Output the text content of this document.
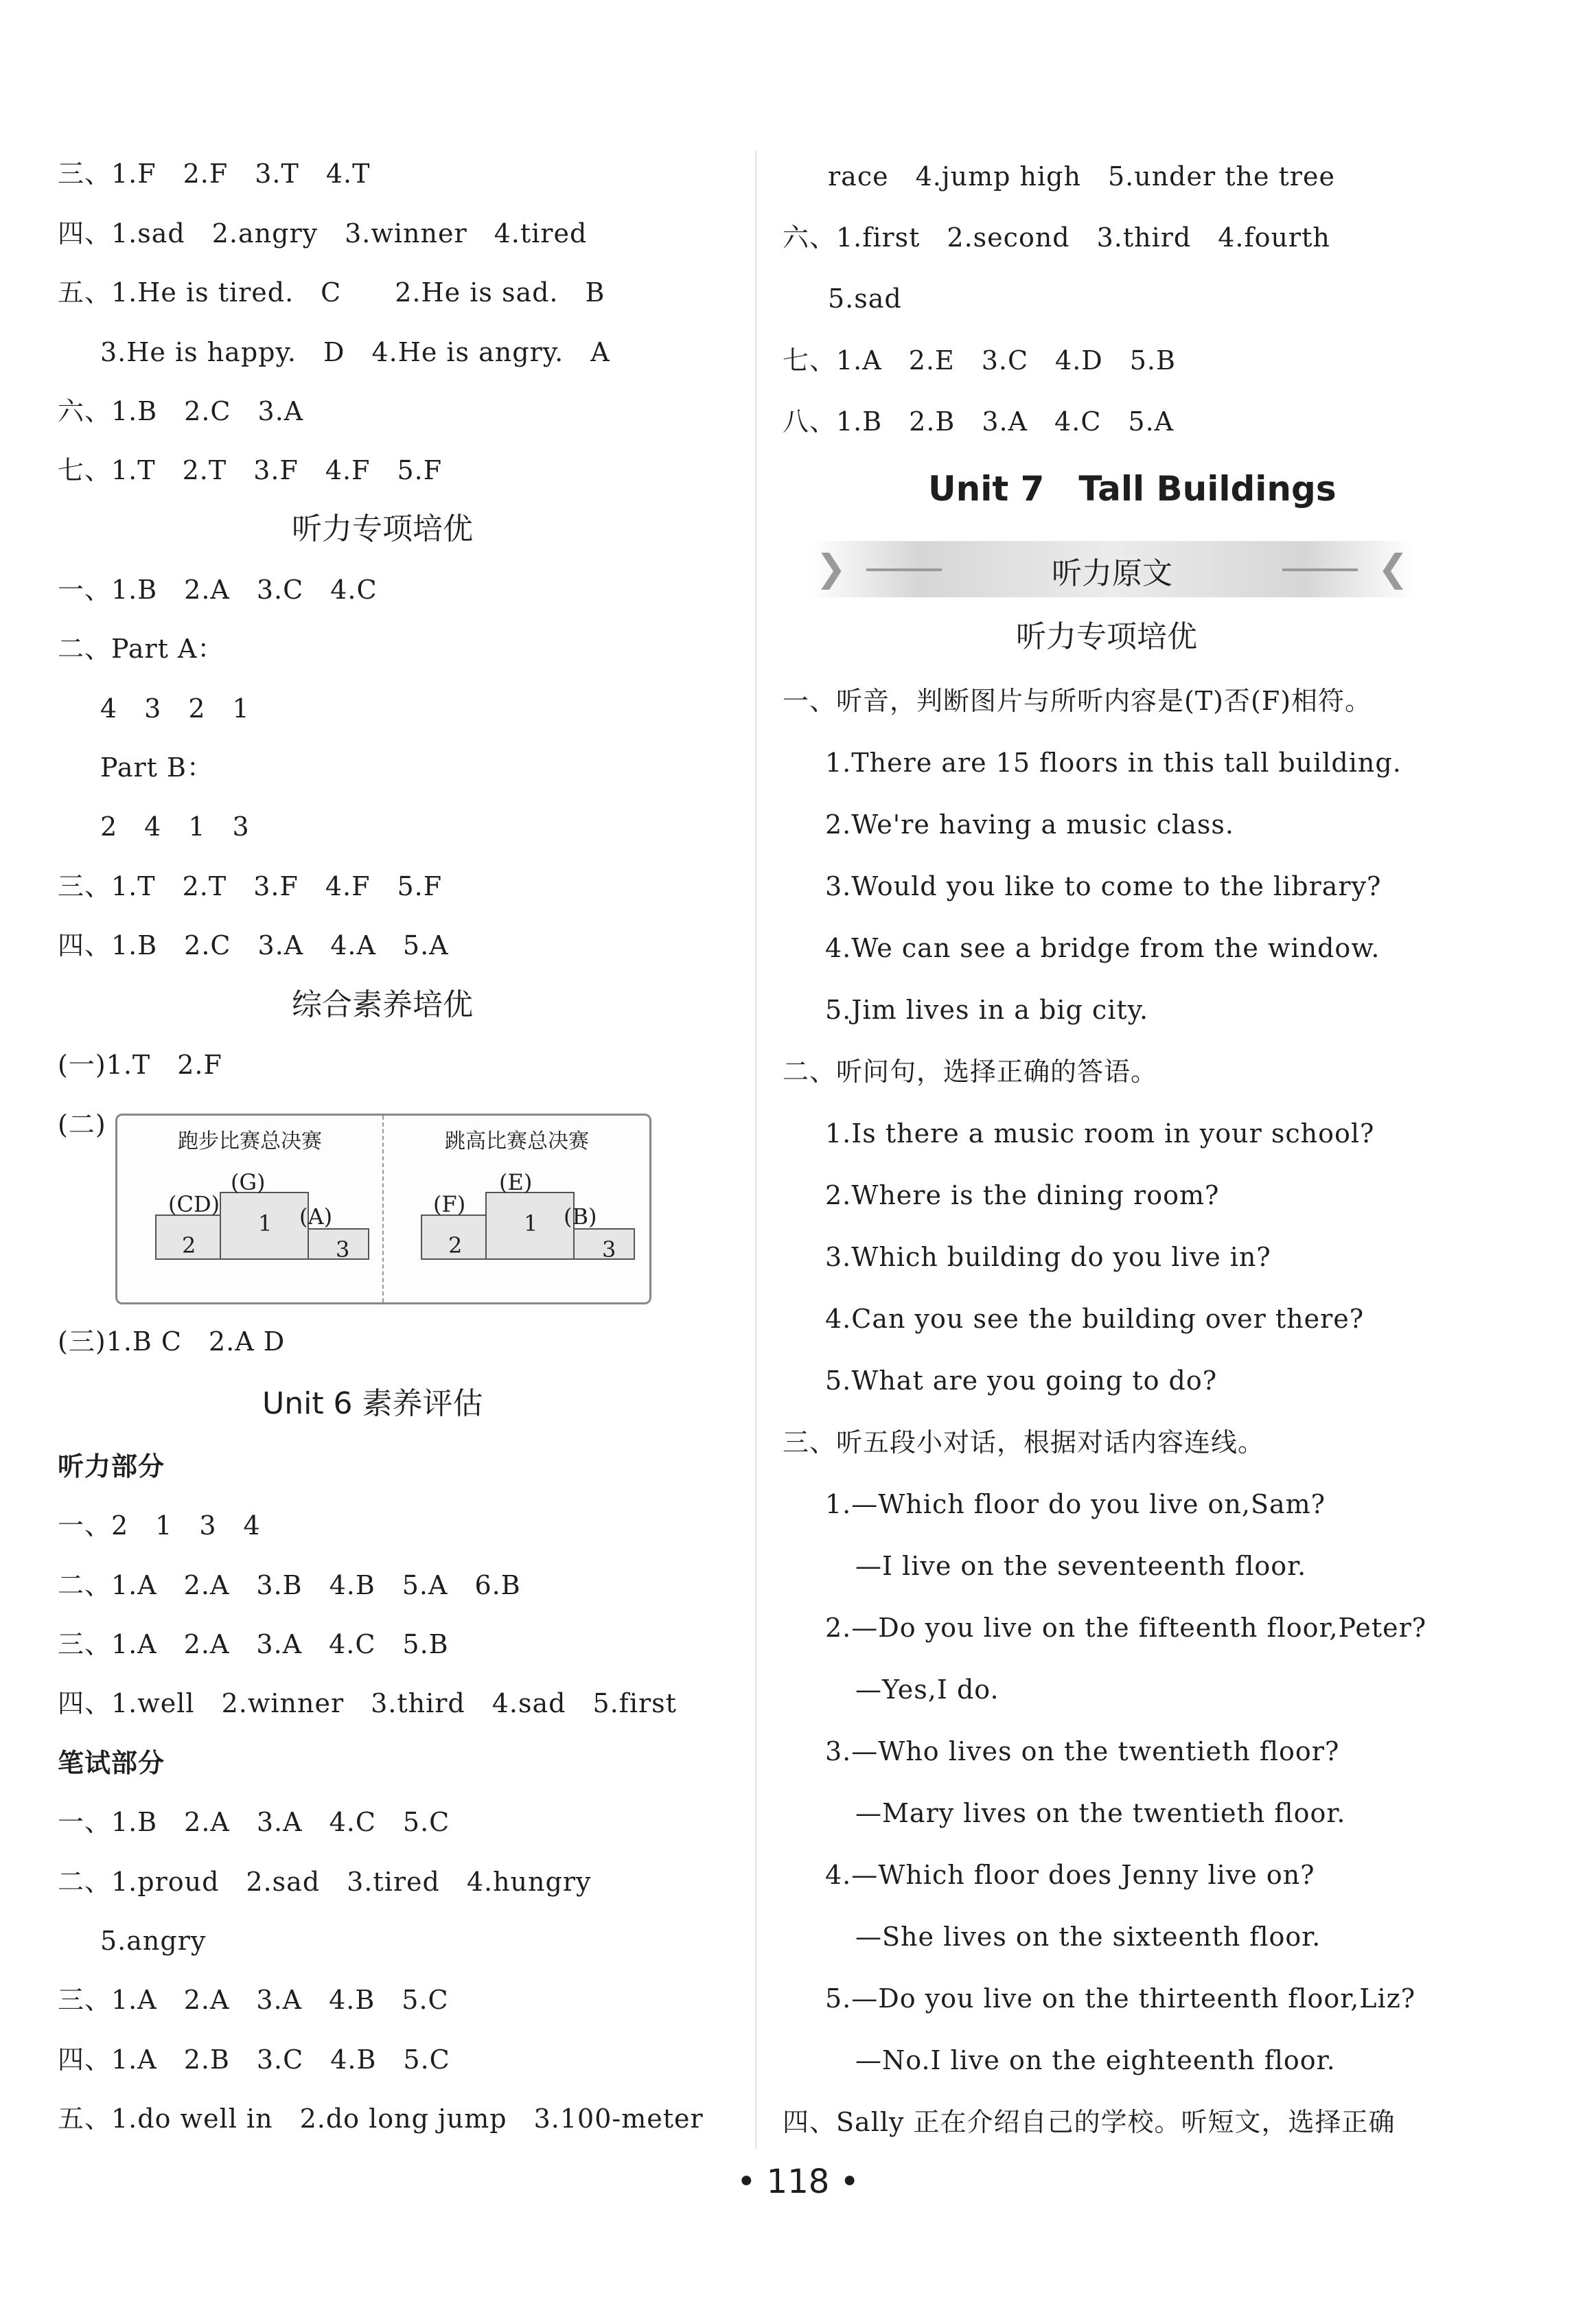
三、1.F　2.F　3.T　4.T
四、1.sad　2.angry　3.winner　4.tired
五、1.He is tired.　C　　2.He is sad.　B
3.He is happy.　D　4.He is angry.　A
六、1.B　2.C　3.A
七、1.T　2.T　3.F　4.F　5.F
听力专项培优
一、1.B　2.A　3.C　4.C
二、Part A：
4　3　2　1
Part B：
2　4　1　3
三、1.T　2.T　3.F　4.F　5.F
四、1.B　2.C　3.A　4.A　5.A
综合素养培优
(一)1.T　2.F
(二)
跑步比赛总决赛	跳高比赛总决赛
(G)
(CD)	(A)
1
2	3
(E)
(F)	(B)
1
2	3
(三)1.B C　2.A D
Unit 6 素养评估
听力部分
一、2　1　3　4
二、1.A　2.A　3.B　4.B　5.A　6.B
三、1.A　2.A　3.A　4.C　5.B
四、1.well　2.winner　3.third　4.sad　5.first
笔试部分
一、1.B　2.A　3.A　4.C　5.C
二、1.proud　2.sad　3.tired　4.hungry
5.angry
三、1.A　2.A　3.A　4.B　5.C
四、1.A　2.B　3.C　4.B　5.C
五、1.do well in　2.do long jump　3.100-meter
race　4.jump high　5.under the tree
六、1.first　2.second　3.third　4.fourth
5.sad
七、1.A　2.E　3.C　4.D　5.B
八、1.B　2.B　3.A　4.C　5.A
Unit 7　Tall Buildings
❯	❮
听力原文
听力专项培优
一、听音，判断图片与所听内容是(T)否(F)相符。
1.There are 15 floors in this tall building.
2.We're having a music class.
3.Would you like to come to the library?
4.We can see a bridge from the window.
5.Jim lives in a big city.
二、听问句，选择正确的答语。
1.Is there a music room in your school?
2.Where is the dining room?
3.Which building do you live in?
4.Can you see the building over there?
5.What are you going to do?
三、听五段小对话，根据对话内容连线。
1.—Which floor do you live on,Sam?
—I live on the seventeenth floor.
2.—Do you live on the fifteenth floor,Peter?
—Yes,I do.
3.—Who lives on the twentieth floor?
—Mary lives on the twentieth floor.
4.—Which floor does Jenny live on?
—She lives on the sixteenth floor.
5.—Do you live on the thirteenth floor,Liz?
—No.I live on the eighteenth floor.
四、Sally 正在介绍自己的学校。听短文，选择正确
• 118 •
